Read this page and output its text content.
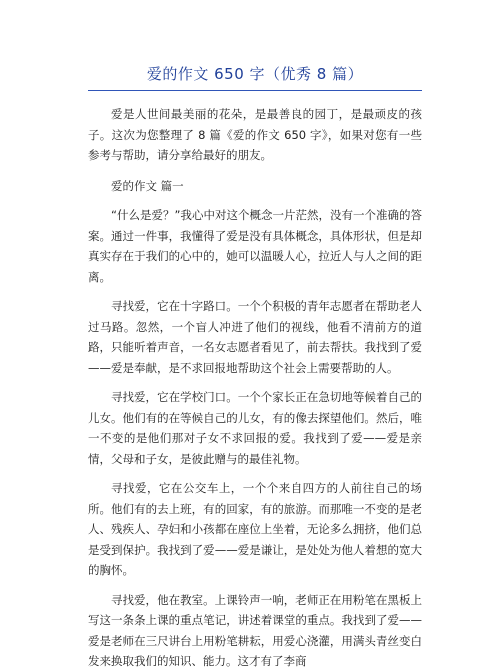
爱的作文 650 字（优秀 8 篇）

爱是人世间最美丽的花朵，是最善良的园丁，是最顽皮的孩子。这次为您整理了 8 篇《爱的作文 650 字》，如果对您有一些参考与帮助，请分享给最好的朋友。

爱的作文 篇一

“什么是爱？”我心中对这个概念一片茫然，没有一个准确的答案。通过一件事，我懂得了爱是没有具体概念，具体形状，但是却真实存在于我们的心中的，她可以温暖人心，拉近人与人之间的距离。

寻找爱，它在十字路口。一个个积极的青年志愿者在帮助老人过马路。忽然，一个盲人冲进了他们的视线，他看不清前方的道路，只能听着声音，一名女志愿者看见了，前去帮扶。我找到了爱——爱是奉献，是不求回报地帮助这个社会上需要帮助的人。

寻找爱，它在学校门口。一个个家长正在急切地等候着自己的儿女。他们有的在等候自己的儿女，有的像去探望他们。然后，唯一不变的是他们那对子女不求回报的爱。我找到了爱——爱是亲情，父母和子女，是彼此赠与的最佳礼物。

寻找爱，它在公交车上，一个个来自四方的人前往自己的场所。他们有的去上班，有的回家，有的旅游。而那唯一不变的是老人、残疾人、孕妇和小孩都在座位上坐着，无论多么拥挤，他们总是受到保护。我找到了爱——爱是谦让，是处处为他人着想的宽大的胸怀。

寻找爱，他在教室。上课铃声一响，老师正在用粉笔在黑板上写这一条条上课的重点笔记，讲述着课堂的重点。我找到了爱——爱是老师在三尺讲台上用粉笔耕耘，用爱心浇灌，用满头青丝变白发来换取我们的知识、能力。这才有了李商
